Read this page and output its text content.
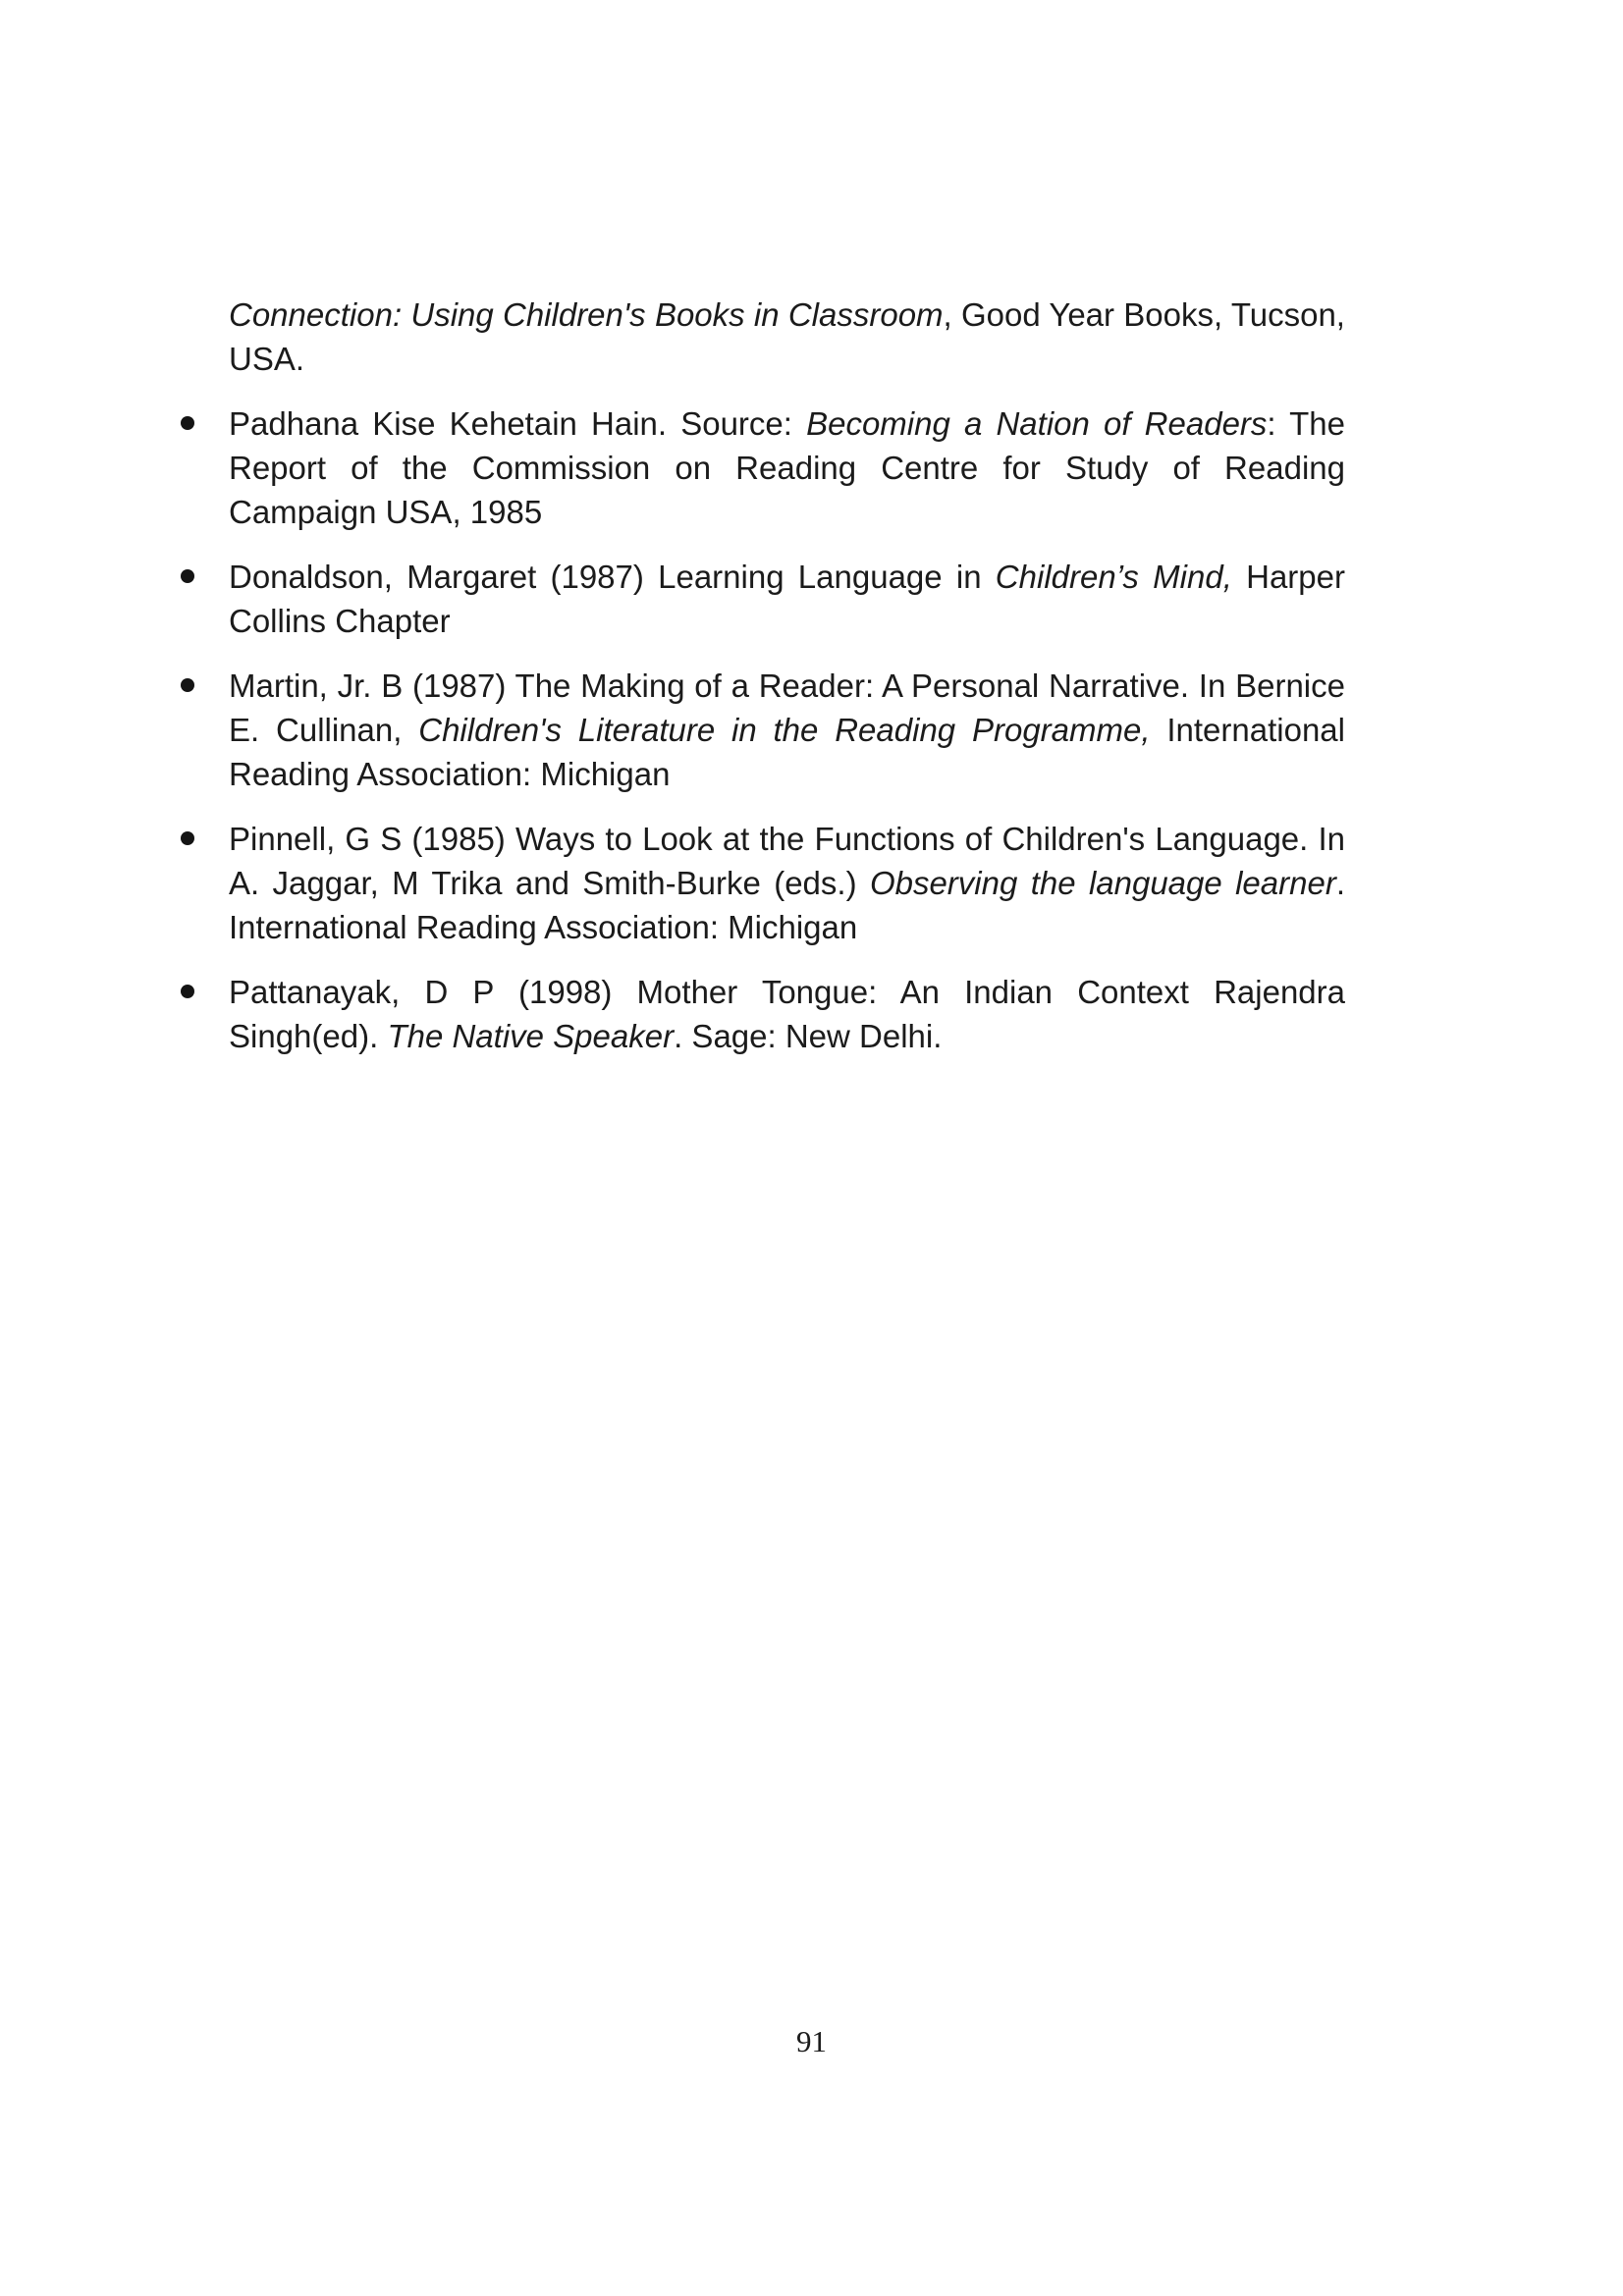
Connection: Using Children's Books in Classroom, Good Year Books, Tucson, USA.

Padhana Kise Kehetain Hain. Source: Becoming a Nation of Readers: The Report of the Commission on Reading Centre for Study of Reading Campaign USA, 1985

Donaldson, Margaret (1987) Learning Language in Children’s Mind, Harper Collins Chapter

Martin, Jr. B (1987) The Making of a Reader: A Personal Narrative. In Bernice E. Cullinan, Children's Literature in the Reading Programme, International Reading Association: Michigan

Pinnell, G S (1985) Ways to Look at the Functions of Children's Language. In A. Jaggar, M Trika and Smith-Burke (eds.) Observing the language learner. International Reading Association: Michigan

Pattanayak, D P (1998) Mother Tongue: An Indian Context Rajendra Singh(ed). The Native Speaker. Sage: New Delhi.

91
